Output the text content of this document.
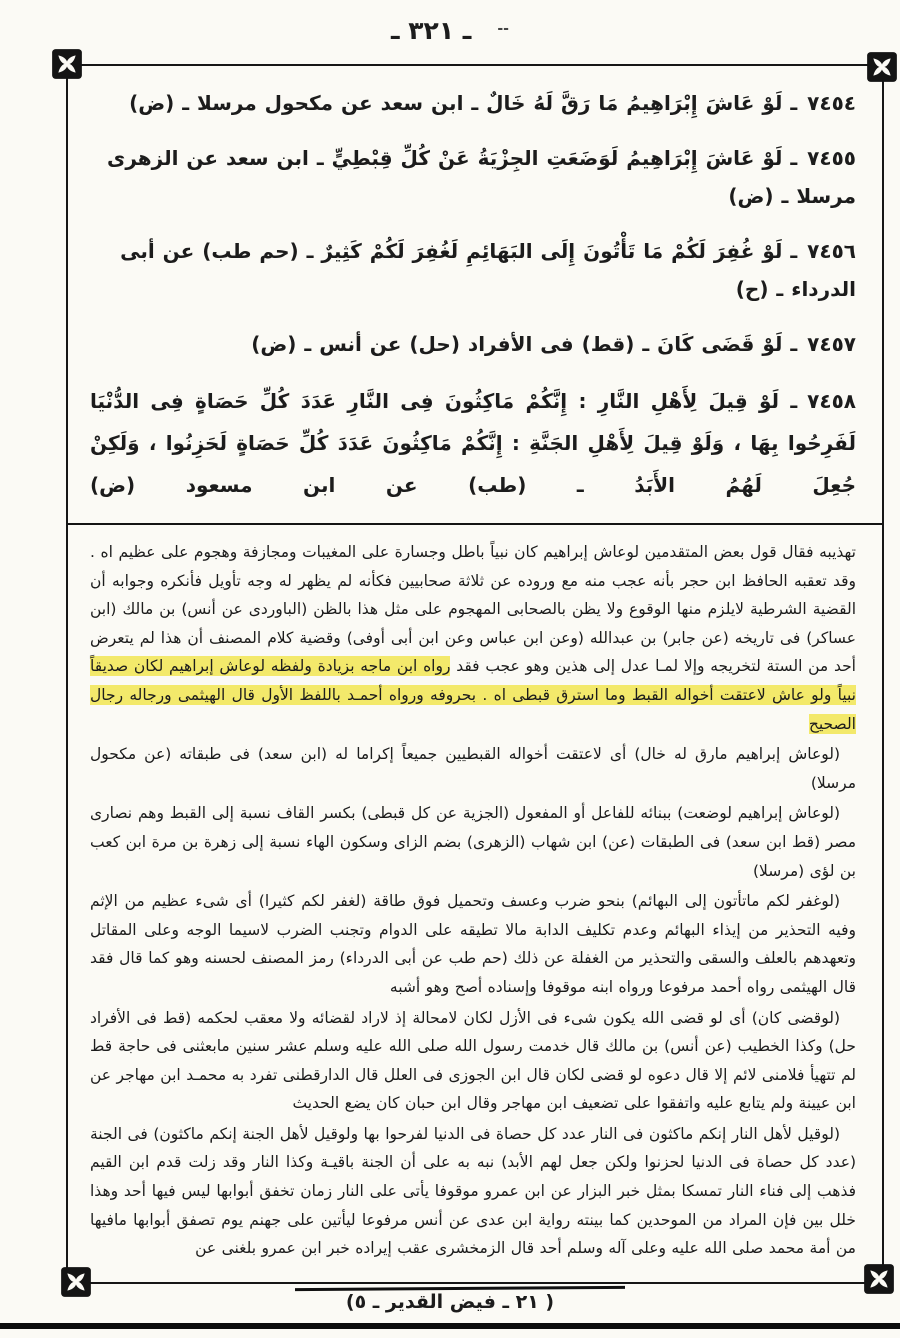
ـ ٣٢١ ـ --
٧٤٥٤ـ لَوْ عَاشَ إِبْرَاهِيمُ مَا رَقَّ لَهُ خَالٌ ـ ابن سعد عن مكحول مرسلا ـ (ض)
٧٤٥٥ـ لَوْ عَاشَ إِبْرَاهِيمُ لَوَضَعَتِ الجِزْيَةُ عَنْ كُلِّ قِبْطِيٍّ ـ ابن سعد عن الزهرى مرسلا ـ (ض)
٧٤٥٦ـ لَوْ غُفِرَ لَكُمْ مَا تَأْتُونَ إِلَى البَهَائِمِ لَغُفِرَ لَكُمْ كَثِيرٌ ـ (حم طب) عن أبى الدرداء ـ (ح)
٧٤٥٧ـ لَوْ قَضَى كَانَ ـ (قط) فى الأفراد (حل) عن أنس ـ (ض)
٧٤٥٨ـ لَوْ قِيلَ لِأَهْلِ النَّارِ : إِنَّكُمْ مَاكِثُونَ فِى النَّارِ عَدَدَ كُلِّ حَصَاةٍ فِى الدُّنْيَا لَفَرِحُوا بِهَا ، وَلَوْ قِيلَ لِأَهْلِ الجَنَّةِ : إِنَّكُمْ مَاكِثُونَ عَدَدَ كُلِّ حَصَاةٍ لَحَزِنُوا ، وَلَكِنْ جُعِلَ لَهُمُ الأَبَدُ ـ (طب) عن ابن مسعود (ض)

تهذيبه فقال قول بعض المتقدمين لوعاش إبراهيم كان نبياً باطل وجسارة على المغيبات ومجازفة وهجوم على عظيم اه . وقد تعقبه الحافظ ابن حجر بأنه عجب منه مع وروده عن ثلاثة صحابيين فكأنه لم يظهر له وجه تأويل فأنكره وجوابه أن القضية الشرطية لايلزم منها الوقوع ولا يظن بالصحابى المهجوم على مثل هذا بالظن (الباوردى عن أنس) بن مالك (ابن عساكر) فى تاريخه (عن جابر) بن عبدالله (وعن ابن عباس وعن ابن أبى أوفى) وقضية كلام المصنف أن هذا لم يتعرض أحد من الستة لتخريجه وإلا لمـا عدل إلى هذين وهو عجب فقد رواه ابن ماجه بزيادة ولفظه لوعاش إبراهيم لكان صديقاً نبياً ولو عاش لاعتقت أخواله القبط وما استرق قبطى اه . بحروفه ورواه أحمـد باللفظ الأول قال الهيثمى ورجاله رجال الصحيح

(لوعاش إبراهيم مارق له خال) أى لاعتقت أخواله القبطيين جميعاً إكراما له (ابن سعد) فى طبقاته (عن مكحول مرسلا)

(لوعاش إبراهيم لوضعت) ببنائه للفاعل أو المفعول (الجزية عن كل قبطى) بكسر القاف نسبة إلى القبط وهم نصارى مصر (قط ابن سعد) فى الطبقات (عن) ابن شهاب (الزهرى) بضم الزاى وسكون الهاء نسبة إلى زهرة بن مرة ابن كعب بن لؤى (مرسلا)

(لوغفر لكم ماتأتون إلى البهائم) بنحو ضرب وعسف وتحميل فوق طاقة (لغفر لكم كثيرا) أى شىء عظيم من الإثم وفيه التحذير من إيذاء البهائم وعدم تكليف الدابة مالا تطيقه على الدوام وتجنب الضرب لاسيما الوجه وعلى المقاتل وتعهدهم بالعلف والسقى والتحذير من الغفلة عن ذلك (حم طب عن أبى الدرداء) رمز المصنف لحسنه وهو كما قال فقد قال الهيثمى رواه أحمد مرفوعا ورواه ابنه موقوفا وإسناده أصح وهو أشبه

(لوقضى كان) أى لو قضى الله يكون شىء فى الأزل لكان لامحالة إذ لاراد لقضائه ولا معقب لحكمه (قط فى الأفراد حل) وكذا الخطيب (عن أنس) بن مالك قال خدمت رسول الله صلى الله عليه وسلم عشر سنين مابعثنى فى حاجة قط لم تتهيأ فلامنى لائم إلا قال دعوه لو قضى لكان قال ابن الجوزى فى العلل قال الدارقطنى تفرد به محمـد ابن مهاجر عن ابن عيينة ولم يتابع عليه واتفقوا على تضعيف ابن مهاجر وقال ابن حبان كان يضع الحديث

(لوقيل لأهل النار إنكم ماكثون فى النار عدد كل حصاة فى الدنيا لفرحوا بها ولوقيل لأهل الجنة إنكم ماكثون) فى الجنة (عدد كل حصاة فى الدنيا لحزنوا ولكن جعل لهم الأبد) نبه به على أن الجنة باقيـة وكذا النار وقد زلت قدم ابن القيم فذهب إلى فناء النار تمسكا بمثل خبر البزار عن ابن عمرو موقوفا يأتى على النار زمان تخفق أبوابها ليس فيها أحد وهذا خلل بين فإن المراد من الموحدين كما بينته رواية ابن عدى عن أنس مرفوعا ليأتين على جهنم يوم تصفق أبوابها مافيها من أمة محمد صلى الله عليه وعلى آله وسلم أحد قال الزمخشرى عقب إيراده خبر ابن عمرو بلغنى عن

( ٢١ ـ فيض القدير ـ ٥)
